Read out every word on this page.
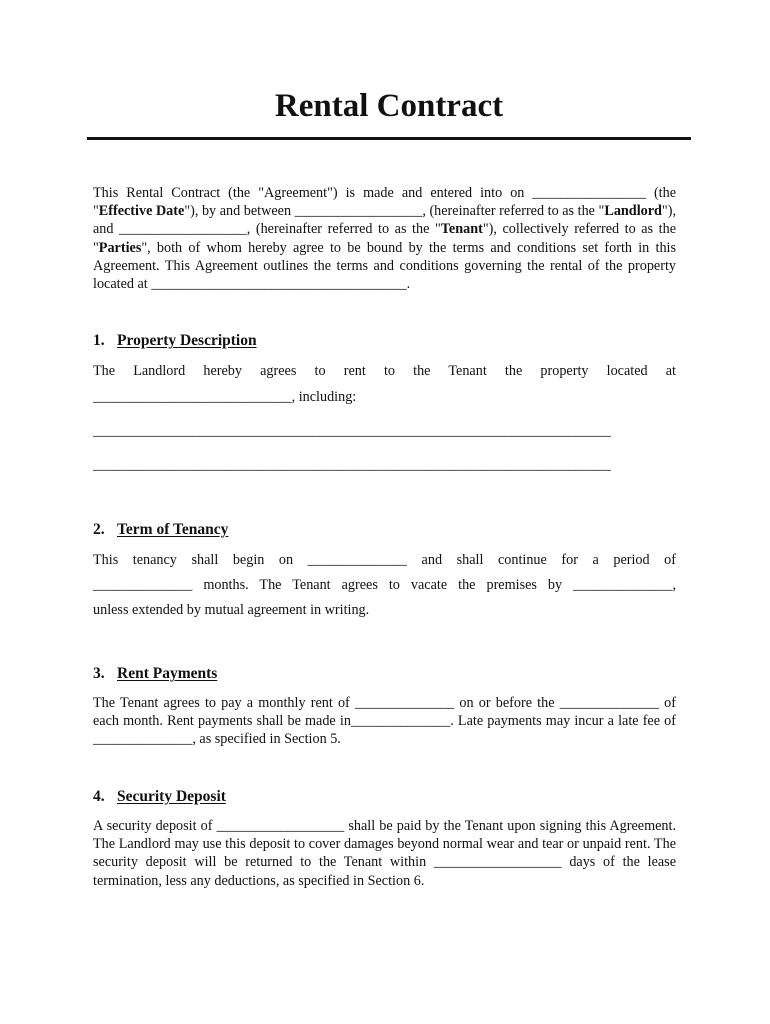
Rental Contract

This Rental Contract (the "Agreement") is made and entered into on ________________ (the "Effective Date"), by and between __________________, (hereinafter referred to as the "Landlord"), and __________________, (hereinafter referred to as the "Tenant"), collectively referred to as the "Parties", both of whom hereby agree to be bound by the terms and conditions set forth in this Agreement. This Agreement outlines the terms and conditions governing the rental of the property located at ____________________________________.

1. Property Description

The Landlord hereby agrees to rent to the Tenant the property located at

____________________________, including:

_________________________________________________________________________

_________________________________________________________________________

2. Term of Tenancy

This tenancy shall begin on ______________ and shall continue for a period of

______________ months. The Tenant agrees to vacate the premises by ______________,

unless extended by mutual agreement in writing.

3. Rent Payments

The Tenant agrees to pay a monthly rent of ______________ on or before the ______________ of each month. Rent payments shall be made in______________. Late payments may incur a late fee of ______________, as specified in Section 5.

4. Security Deposit

A security deposit of __________________ shall be paid by the Tenant upon signing this Agreement. The Landlord may use this deposit to cover damages beyond normal wear and tear or unpaid rent. The security deposit will be returned to the Tenant within __________________ days of the lease termination, less any deductions, as specified in Section 6.
